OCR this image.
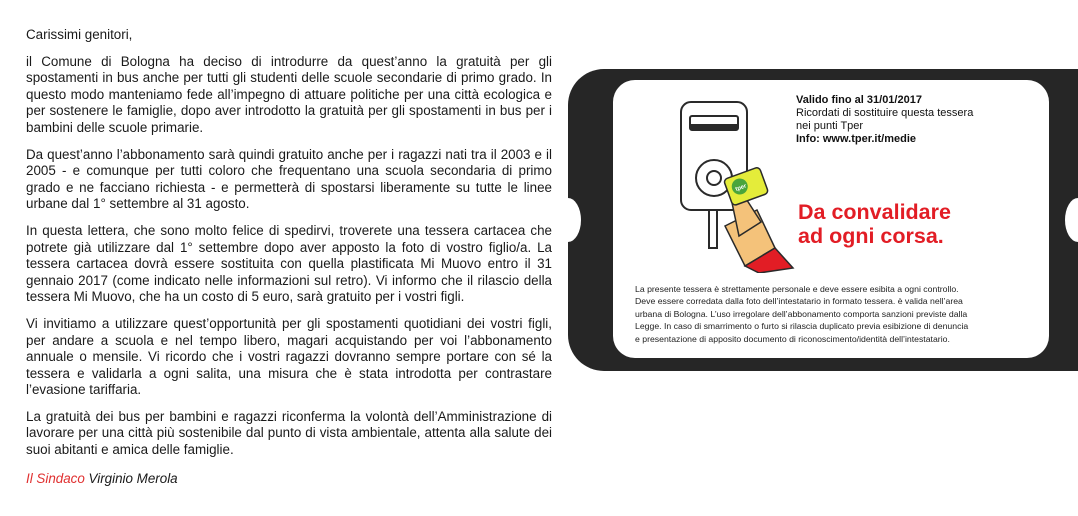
Carissimi genitori,

il Comune di Bologna ha deciso di introdurre da quest’anno la gratuità per gli spostamenti in bus anche per tutti gli studenti delle scuole secondarie di primo grado. In questo modo manteniamo fede all’impegno di attuare politiche per una città ecologica e per sostenere le famiglie, dopo aver introdotto la gratuità per gli spostamenti in bus per i bambini delle scuole primarie.

Da quest’anno l’abbonamento sarà quindi gratuito anche per i ragazzi nati tra il 2003 e il 2005 - e comunque per tutti coloro che frequentano una scuola secondaria di primo grado e ne facciano richiesta - e permetterà di spostarsi liberamente su tutte le linee urbane dal 1° settembre al 31 agosto.

In questa lettera, che sono molto felice di spedirvi, troverete una tessera cartacea che potrete già utilizzare dal 1° settembre dopo aver apposto la foto di vostro figlio/a. La tessera cartacea dovrà essere sostituita con quella plastificata Mi Muovo entro il 31 gennaio 2017 (come indicato nelle informazioni sul retro). Vi informo che il rilascio della tessera Mi Muovo, che ha un costo di 5 euro, sarà gratuito per i vostri figli.

Vi invitiamo a utilizzare quest’opportunità per gli spostamenti quotidiani dei vostri figli, per andare a scuola e nel tempo libero, magari acquistando per voi l’abbonamento annuale o mensile. Vi ricordo che i vostri ragazzi dovranno sempre portare con sé la tessera e validarla a ogni salita, una misura che è stata introdotta per contrastare l’evasione tariffaria.

La gratuità dei bus per bambini e ragazzi riconferma la volontà dell’Amministrazione di lavorare per una città più sostenibile dal punto di vista ambientale, attenta alla salute dei suoi abitanti e amica delle famiglie.

Il Sindaco Virginio Merola
tper
Valido fino al 31/01/2017
Ricordati di sostituire questa tessera
nei punti Tper
Info: www.tper.it/medie
Da convalidare
ad ogni corsa.
La presente tessera è strettamente personale e deve essere esibita a ogni controllo.
Deve essere corredata dalla foto dell’intestatario in formato tessera. è valida nell’area
urbana di Bologna. L’uso irregolare dell’abbonamento comporta sanzioni previste dalla
Legge. In caso di smarrimento o furto si rilascia duplicato previa esibizione di denuncia
e presentazione di apposito documento di riconoscimento/identità dell’intestatario.
